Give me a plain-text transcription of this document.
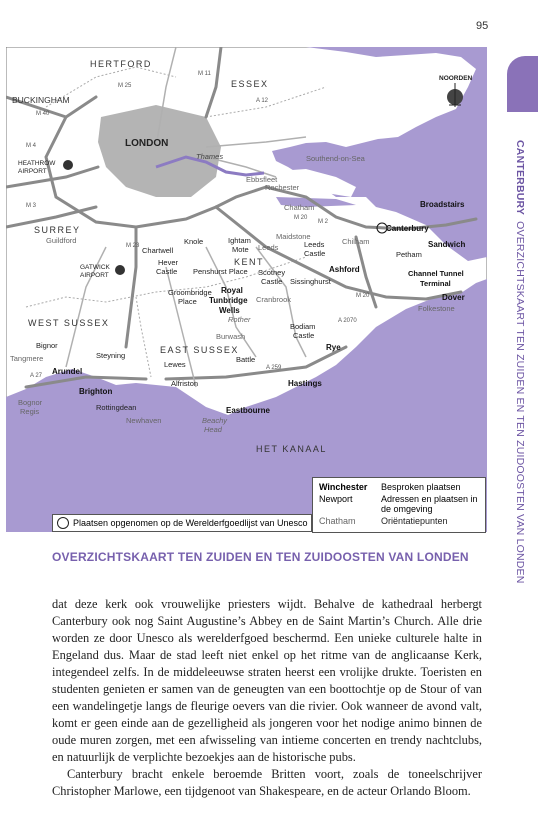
95
CANTERBURYOVERZICHTSKAART TEN ZUIDEN EN TEN ZUIDOOSTEN VAN LONDEN
HERTFORD
ESSEX
BUCKINGHAM
SURREY
KENT
WEST SUSSEX
EAST SUSSEX
HET KANAAL
LONDON
Thames
NOORDEN
HEATHROW AIRPORT
GATWICK AIRPORT
Broadstairs
Canterbury
Sandwich
Ashford	Channel Tunnel Terminal
Dover
Rye
Hastings
Eastbourne
Arundel
Brighton
Royal Tunbridge Wells
Knole	Ightam Mote
Leeds Castle
Chartwell
Hever Castle Penshurst Place Scotney Castle	Sissinghurst
Bodiam Castle
Groombridge Place
Lewes
Alfriston
Rottingdean
Steyning
Bignor
Petham
Battle
Southend-on-Sea
Ebbsfleet
Rochester
Chatham
Maidstone
Chilham
Leeds
Cranbrook
Burwash
Rother
Guildford
Tangmere
Bognor Regis
Newhaven	Beachy Head
Folkestone
M 25
M 11
A 12
M 40
M 4
M 3
M 23
M 20
M 2
M 20
A 27
A 259
A 2070
Winchester Besproken plaatsen
Newport	Adressen en plaatsen in de omgeving
Chatham	Oriëntatiepunten
Plaatsen opgenomen op de Werelderfgoedlijst van Unesco
OVERZICHTSKAART TEN ZUIDEN EN TEN ZUIDOOSTEN VAN LONDEN

dat deze kerk ook vrouwelijke priesters wijdt. Behalve de kathedraal herbergt Canterbury ook nog Saint Augustine’s Abbey en de Saint Martin’s Church. Alle drie worden ze door Unesco als werelderfgoed beschermd. Een unieke culturele halte in Engeland dus. Maar de stad leeft niet enkel op het ritme van de anglicaanse Kerk, integendeel zelfs. In de middeleeuwse straten heerst een vrolijke drukte. Toeristen en studenten genieten er samen van de geneugten van een boottochtje op de Stour of van een wandelingetje langs de fleurige oevers van die rivier. Ook wanneer de avond valt, komt er geen einde aan de gezelligheid als jongeren voor het nodige animo binnen de oude muren zorgen, met een afwisseling van intieme concerten en trendy nachtclubs, en natuurlijk de verplichte bezoekjes aan de historische pubs.

Canterbury bracht enkele beroemde Britten voort, zoals de toneelschrijver Christopher Marlowe, een tijdgenoot van Shakespeare, en de acteur Orlando Bloom.
